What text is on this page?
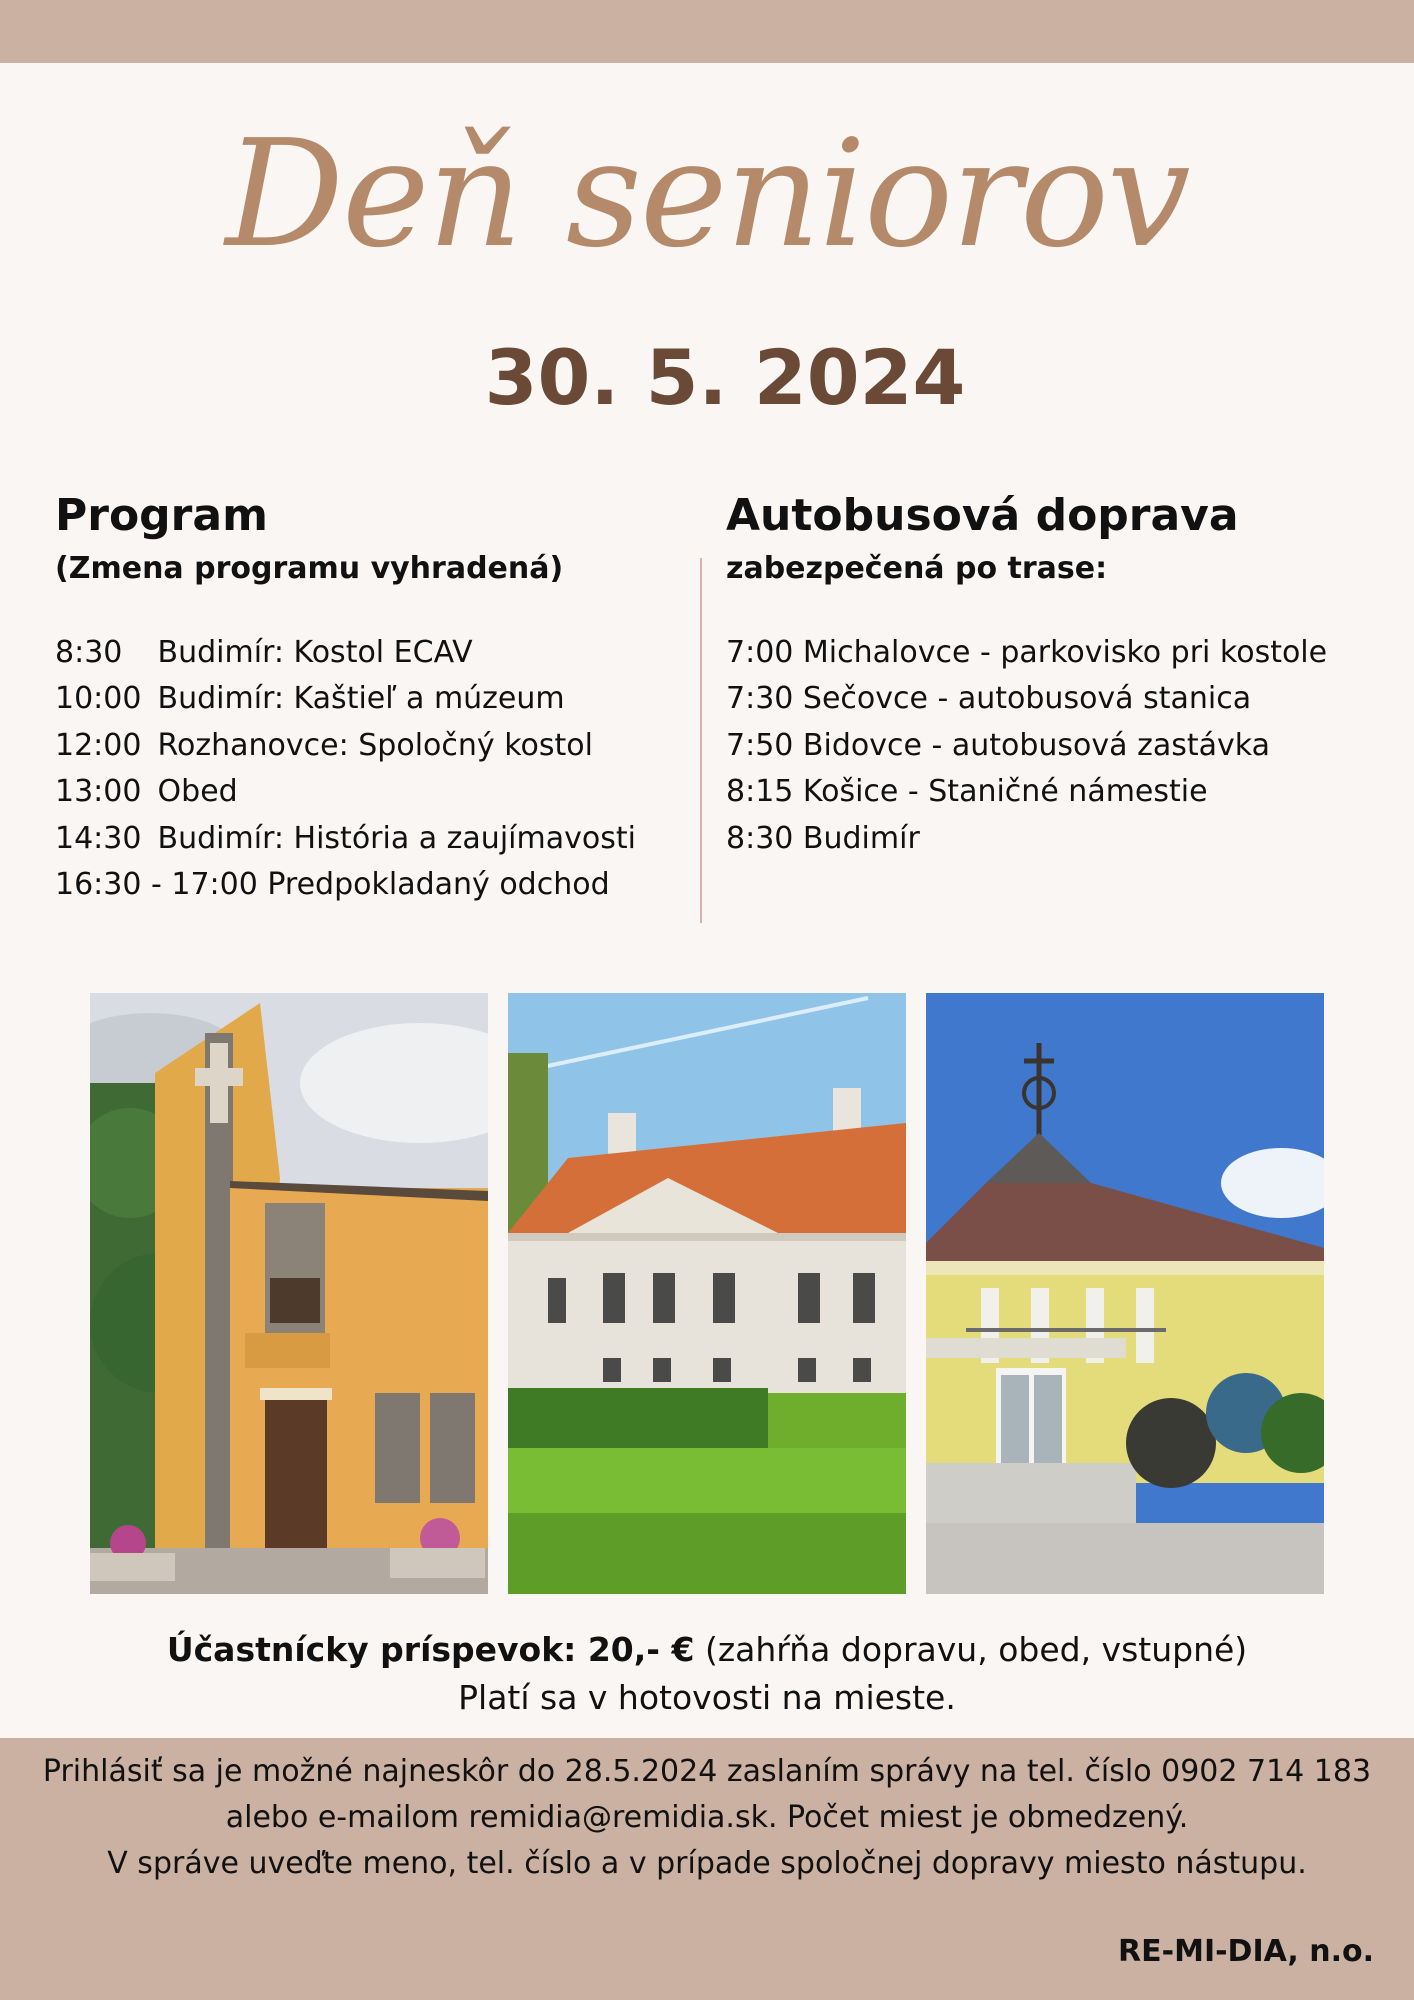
Deň seniorov
30. 5. 2024
Program
(Zmena programu vyhradená)
8:30 Budimír: Kostol ECAV
10:00 Budimír: Kaštieľ a múzeum
12:00 Rozhanovce: Spoločný kostol
13:00 Obed
14:30 Budimír: História a zaujímavosti
16:30 - 17:00 Predpokladaný odchod
Autobusová doprava
zabezpečená po trase:
7:00 Michalovce - parkovisko pri kostole
7:30 Sečovce - autobusová stanica
7:50 Bidovce - autobusová zastávka
8:15 Košice - Staničné námestie
8:30 Budimír
Účastnícky príspevok: 20,- € (zahŕňa dopravu, obed, vstupné)
Platí sa v hotovosti na mieste.
Prihlásiť sa je možné najneskôr do 28.5.2024 zaslaním správy na tel. číslo 0902 714 183
alebo e-mailom remidia@remidia.sk. Počet miest je obmedzený.
V správe uveďte meno, tel. číslo a v prípade spoločnej dopravy miesto nástupu.
RE-MI-DIA, n.o.
